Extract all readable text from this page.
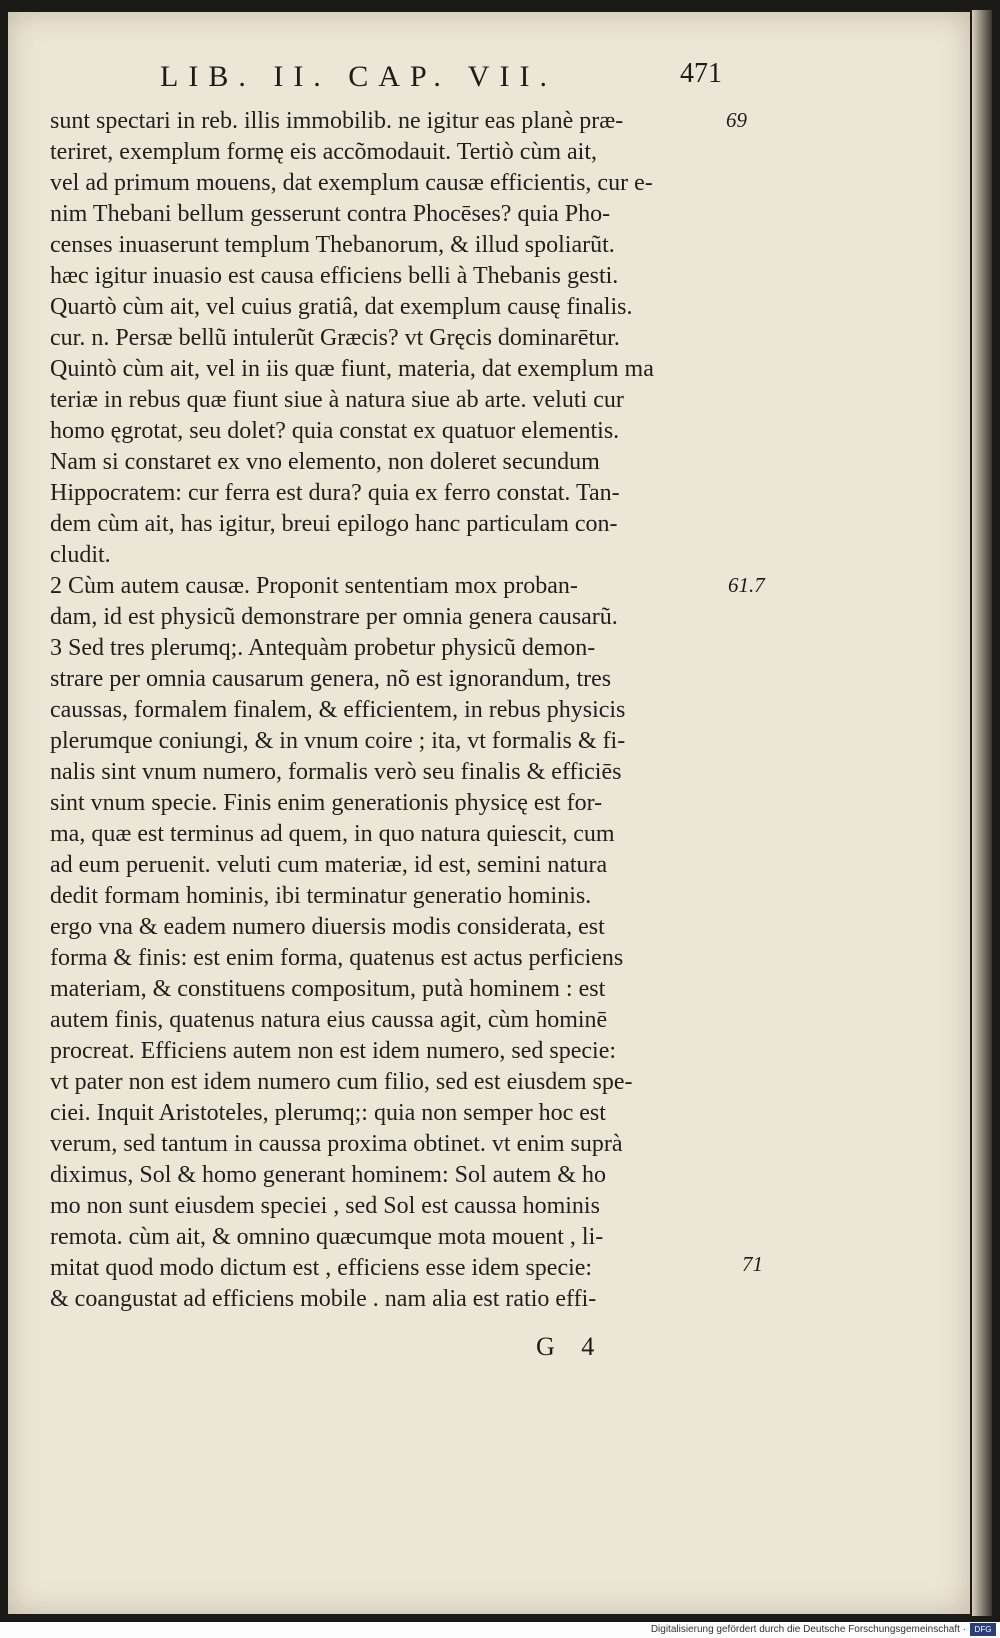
LIB. II. CAP. VII.	471
sunt spectari in reb. illis immobilib. ne igitur eas planè præ-
teriret, exemplum formę eis accõmodauit. Tertiò cùm ait,
vel ad primum mouens, dat exemplum causæ efficientis, cur e-
nim Thebani bellum gesserunt contra Phocēses? quia Pho-
censes inuaserunt templum Thebanorum, & illud spoliarũt.
hæc igitur inuasio est causa efficiens belli à Thebanis gesti.
Quartò cùm ait, vel cuius gratiâ, dat exemplum causę finalis.
cur. n. Persæ bellũ intulerũt Græcis? vt Gręcis dominarētur.
Quintò cùm ait, vel in iis quæ fiunt, materia, dat exemplum ma
teriæ in rebus quæ fiunt siue à natura siue ab arte. veluti cur
homo ęgrotat, seu dolet? quia constat ex quatuor elementis.
Nam si constaret ex vno elemento, non doleret secundum
Hippocratem: cur ferra est dura? quia ex ferro constat. Tan-
dem cùm ait, has igitur, breui epilogo hanc particulam con-
cludit.
2 Cùm autem causæ. Proponit sententiam mox proban-
dam, id est physicũ demonstrare per omnia genera causarũ.
3 Sed tres plerumq;. Antequàm probetur physicũ demon-
strare per omnia causarum genera, nõ est ignorandum, tres
caussas, formalem finalem, & efficientem, in rebus physicis
plerumque coniungi, & in vnum coire ; ita, vt formalis & fi-
nalis sint vnum numero, formalis verò seu finalis & efficiēs
sint vnum specie. Finis enim generationis physicę est for-
ma, quæ est terminus ad quem, in quo natura quiescit, cum
ad eum peruenit. veluti cum materiæ, id est, semini natura
dedit formam hominis, ibi terminatur generatio hominis.
ergo vna & eadem numero diuersis modis considerata, est
forma & finis: est enim forma, quatenus est actus perficiens
materiam, & constituens compositum, putà hominem : est
autem finis, quatenus natura eius caussa agit, cùm hominē
procreat. Efficiens autem non est idem numero, sed specie:
vt pater non est idem numero cum filio, sed est eiusdem spe-
ciei. Inquit Aristoteles, plerumq;: quia non semper hoc est
verum, sed tantum in caussa proxima obtinet. vt enim suprà
diximus, Sol & homo generant hominem: Sol autem & ho
mo non sunt eiusdem speciei , sed Sol est caussa hominis
remota. cùm ait, & omnino quæcumque mota mouent , li-
mitat quod modo dictum est , efficiens esse idem specie:
& coangustat ad efficiens mobile . nam alia est ratio effi-
69
61.7
71
G 4
Digitalisierung gefördert durch die Deutsche Forschungsgemeinschaft ·	DFG
